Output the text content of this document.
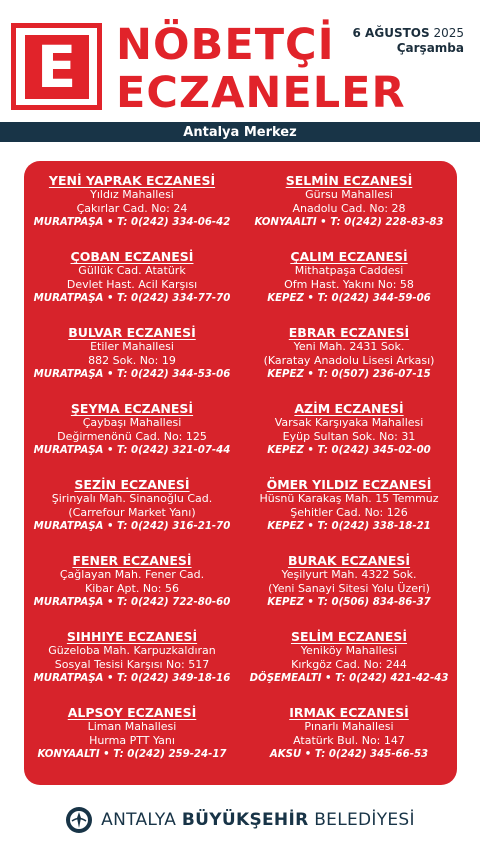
E NÖBETÇİ
ECZANELER
6 AĞUSTOS 2025
Çarşamba
Antalya Merkez
YENİ YAPRAK ECZANESİ
Yıldız Mahallesi
Çakırlar Cad. No: 24
MURATPAŞA • T: 0(242) 334-06-42
ÇOBAN ECZANESİ
Güllük Cad. Atatürk
Devlet Hast. Acil Karşısı
MURATPAŞA • T: 0(242) 334-77-70
BULVAR ECZANESİ
Etiler Mahallesi
882 Sok. No: 19
MURATPAŞA • T: 0(242) 344-53-06
ŞEYMA ECZANESİ
Çaybaşı Mahallesi
Değirmenönü Cad. No: 125
MURATPAŞA • T: 0(242) 321-07-44
SEZİN ECZANESİ
Şirinyalı Mah. Sinanoğlu Cad.
(Carrefour Market Yanı)
MURATPAŞA • T: 0(242) 316-21-70
FENER ECZANESİ
Çağlayan Mah. Fener Cad.
Kibar Apt. No: 56
MURATPAŞA • T: 0(242) 722-80-60
SIHHIYE ECZANESİ
Güzeloba Mah. Karpuzkaldıran
Sosyal Tesisi Karşısı No: 517
MURATPAŞA • T: 0(242) 349-18-16
ALPSOY ECZANESİ
Liman Mahallesi
Hurma PTT Yanı
KONYAALTI • T: 0(242) 259-24-17
SELMİN ECZANESİ
Gürsu Mahallesi
Anadolu Cad. No: 28
KONYAALTI • T: 0(242) 228-83-83
ÇALIM ECZANESİ
Mithatpaşa Caddesi
Ofm Hast. Yakını No: 58
KEPEZ • T: 0(242) 344-59-06
EBRAR ECZANESİ
Yeni Mah. 2431 Sok.
(Karatay Anadolu Lisesi Arkası)
KEPEZ • T: 0(507) 236-07-15
AZİM ECZANESİ
Varsak Karşıyaka Mahallesi
Eyüp Sultan Sok. No: 31
KEPEZ • T: 0(242) 345-02-00
ÖMER YILDIZ ECZANESİ
Hüsnü Karakaş Mah. 15 Temmuz
Şehitler Cad. No: 126
KEPEZ • T: 0(242) 338-18-21
BURAK ECZANESİ
Yeşilyurt Mah. 4322 Sok.
(Yeni Sanayi Sitesi Yolu Üzeri)
KEPEZ • T: 0(506) 834-86-37
SELİM ECZANESİ
Yeniköy Mahallesi
Kırkgöz Cad. No: 244
DÖŞEMEALTI • T: 0(242) 421-42-43
IRMAK ECZANESİ
Pınarlı Mahallesi
Atatürk Bul. No: 147
AKSU • T: 0(242) 345-66-53
ANTALYA BÜYÜKŞEHİR BELEDİYESİ
